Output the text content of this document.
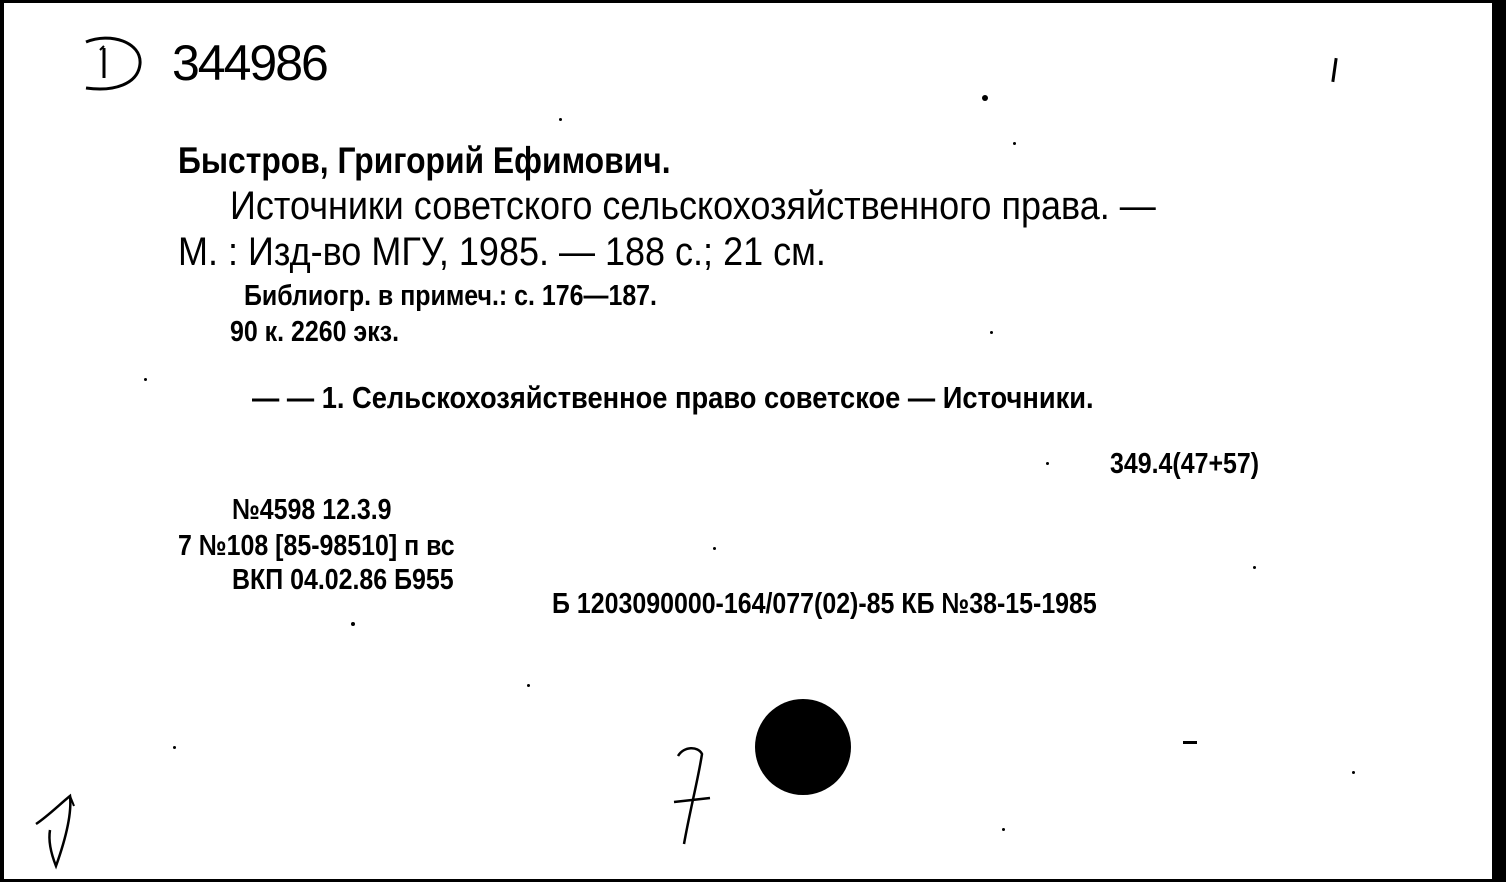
344986
Быстров, Григорий Ефимович.
Источники советского сельскохозяйственного права. —
М. : Изд-во МГУ, 1985. — 188 с.; 21 см.
Библиогр. в примеч.: с. 176—187.
90 к. 2260 экз.
— — 1. Сельскохозяйственное право советское — Источники.
349.4(47+57)
№4598 12.3.9
7 №108 [85-98510] п вс
ВКП 04.02.86 Б955
Б 1203090000-164/077(02)-85 КБ №38-15-1985
